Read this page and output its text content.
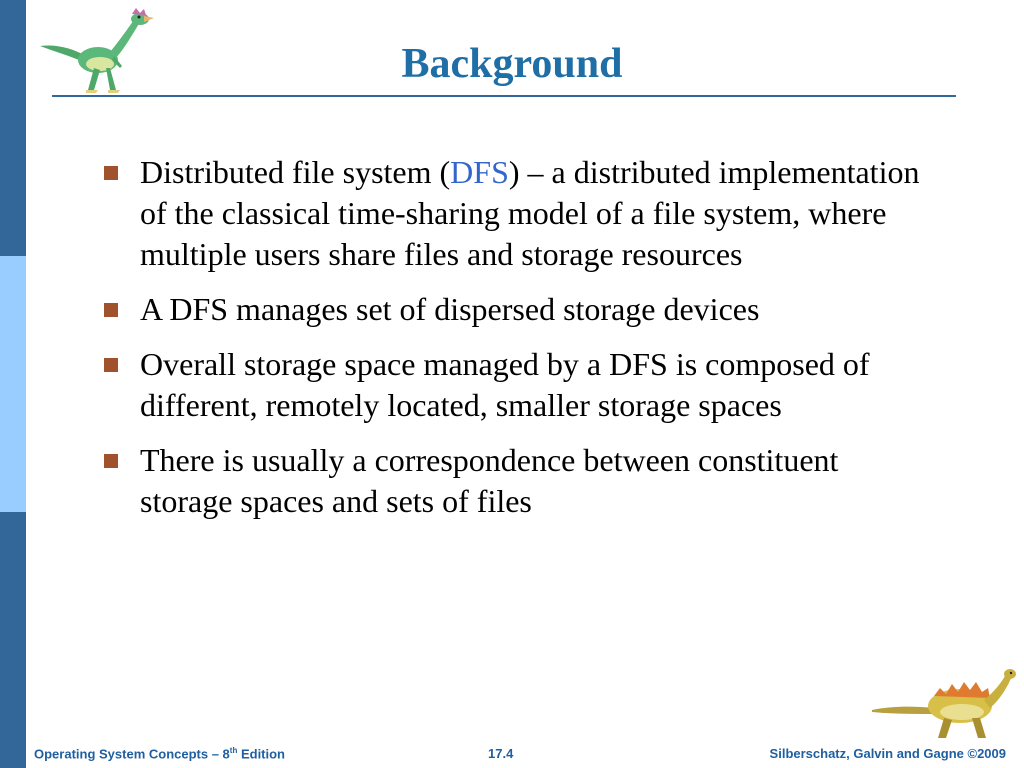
Background
Distributed file system (DFS) – a distributed implementation of the classical time-sharing model of a file system, where multiple users share files and storage resources
A DFS manages set of dispersed storage devices
Overall storage space managed by a DFS is composed of different, remotely located, smaller storage spaces
There is usually a correspondence between constituent storage spaces and sets of files
Operating System Concepts – 8th Edition	17.4	Silberschatz, Galvin and Gagne ©2009
